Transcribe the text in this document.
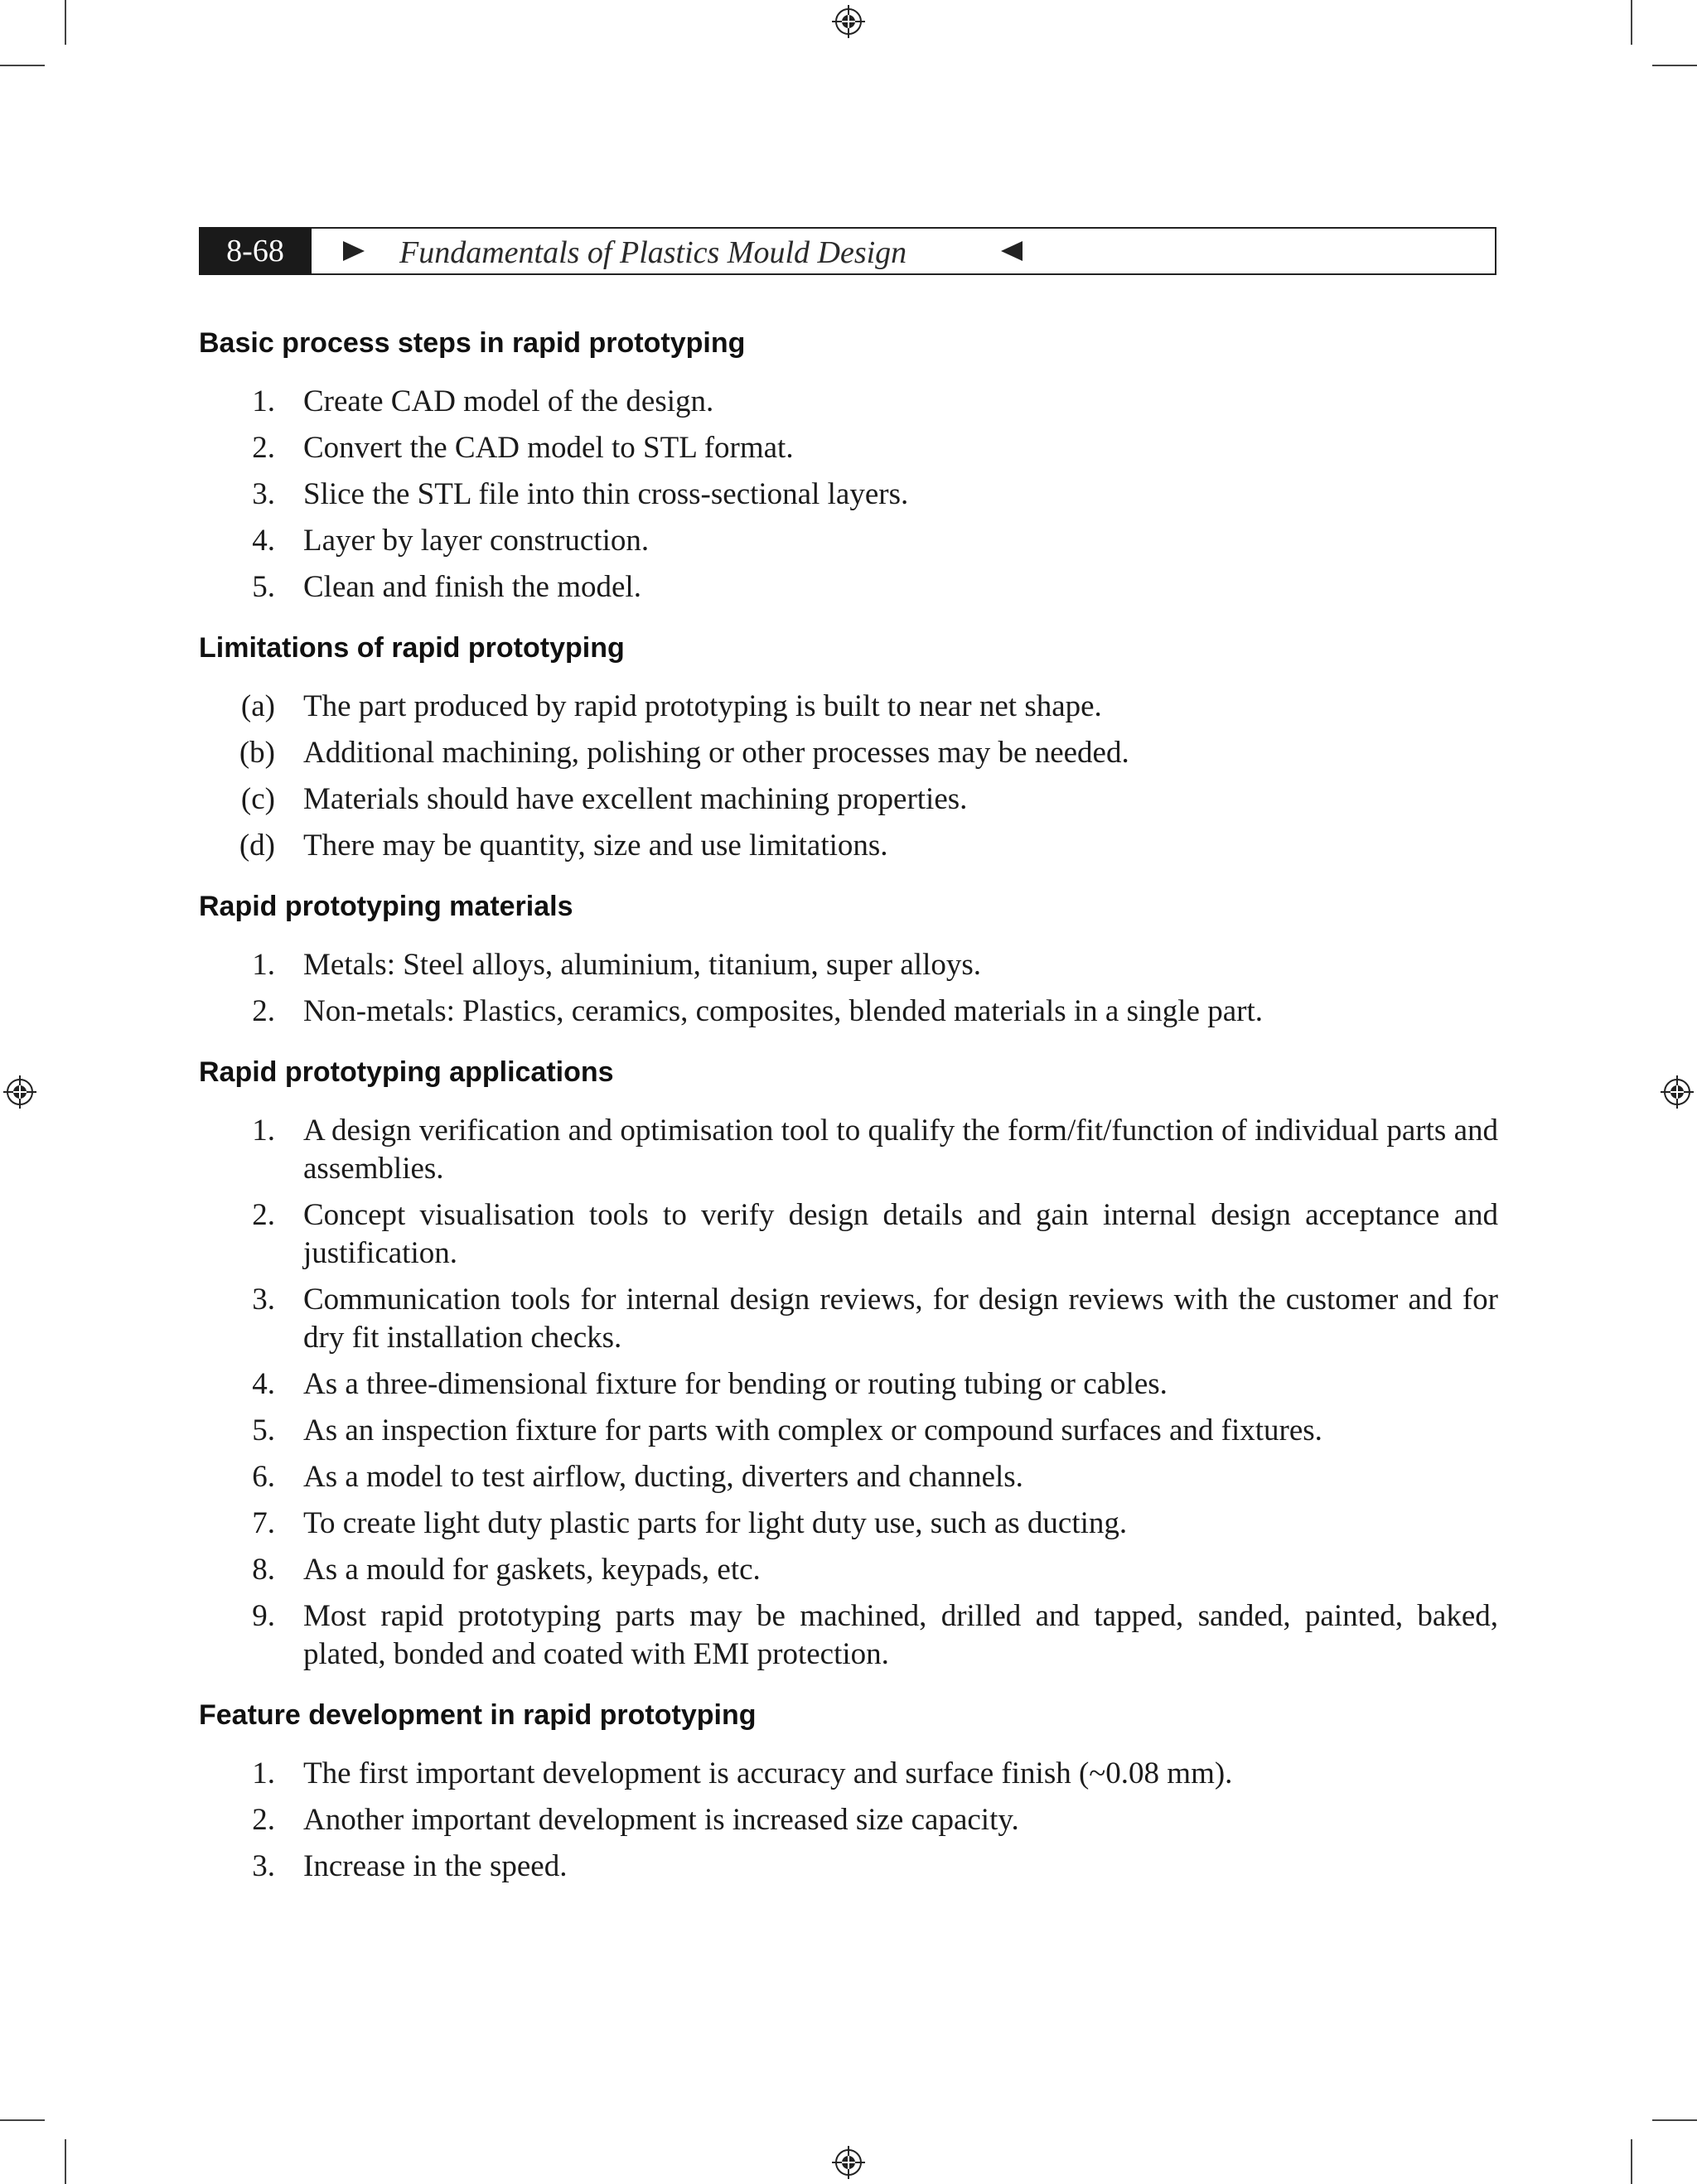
8-68	Fundamentals of Plastics Mould Design
Basic process steps in rapid prototyping
1. Create CAD model of the design.
2. Convert the CAD model to STL format.
3. Slice the STL file into thin cross-sectional layers.
4. Layer by layer construction.
5. Clean and finish the model.
Limitations of rapid prototyping
(a) The part produced by rapid prototyping is built to near net shape.
(b) Additional machining, polishing or other processes may be needed.
(c) Materials should have excellent machining properties.
(d) There may be quantity, size and use limitations.
Rapid prototyping materials
1. Metals: Steel alloys, aluminium, titanium, super alloys.
2. Non-metals: Plastics, ceramics, composites, blended materials in a single part.
Rapid prototyping applications
1. A design verification and optimisation tool to qualify the form/fit/function of individual parts and assemblies.
2. Concept visualisation tools to verify design details and gain internal design acceptance and justification.
3. Communication tools for internal design reviews, for design reviews with the customer and for dry fit installation checks.
4. As a three-dimensional fixture for bending or routing tubing or cables.
5. As an inspection fixture for parts with complex or compound surfaces and fixtures.
6. As a model to test airflow, ducting, diverters and channels.
7. To create light duty plastic parts for light duty use, such as ducting.
8. As a mould for gaskets, keypads, etc.
9. Most rapid prototyping parts may be machined, drilled and tapped, sanded, painted, baked, plated, bonded and coated with EMI protection.
Feature development in rapid prototyping
1. The first important development is accuracy and surface finish (~0.08 mm).
2. Another important development is increased size capacity.
3. Increase in the speed.
